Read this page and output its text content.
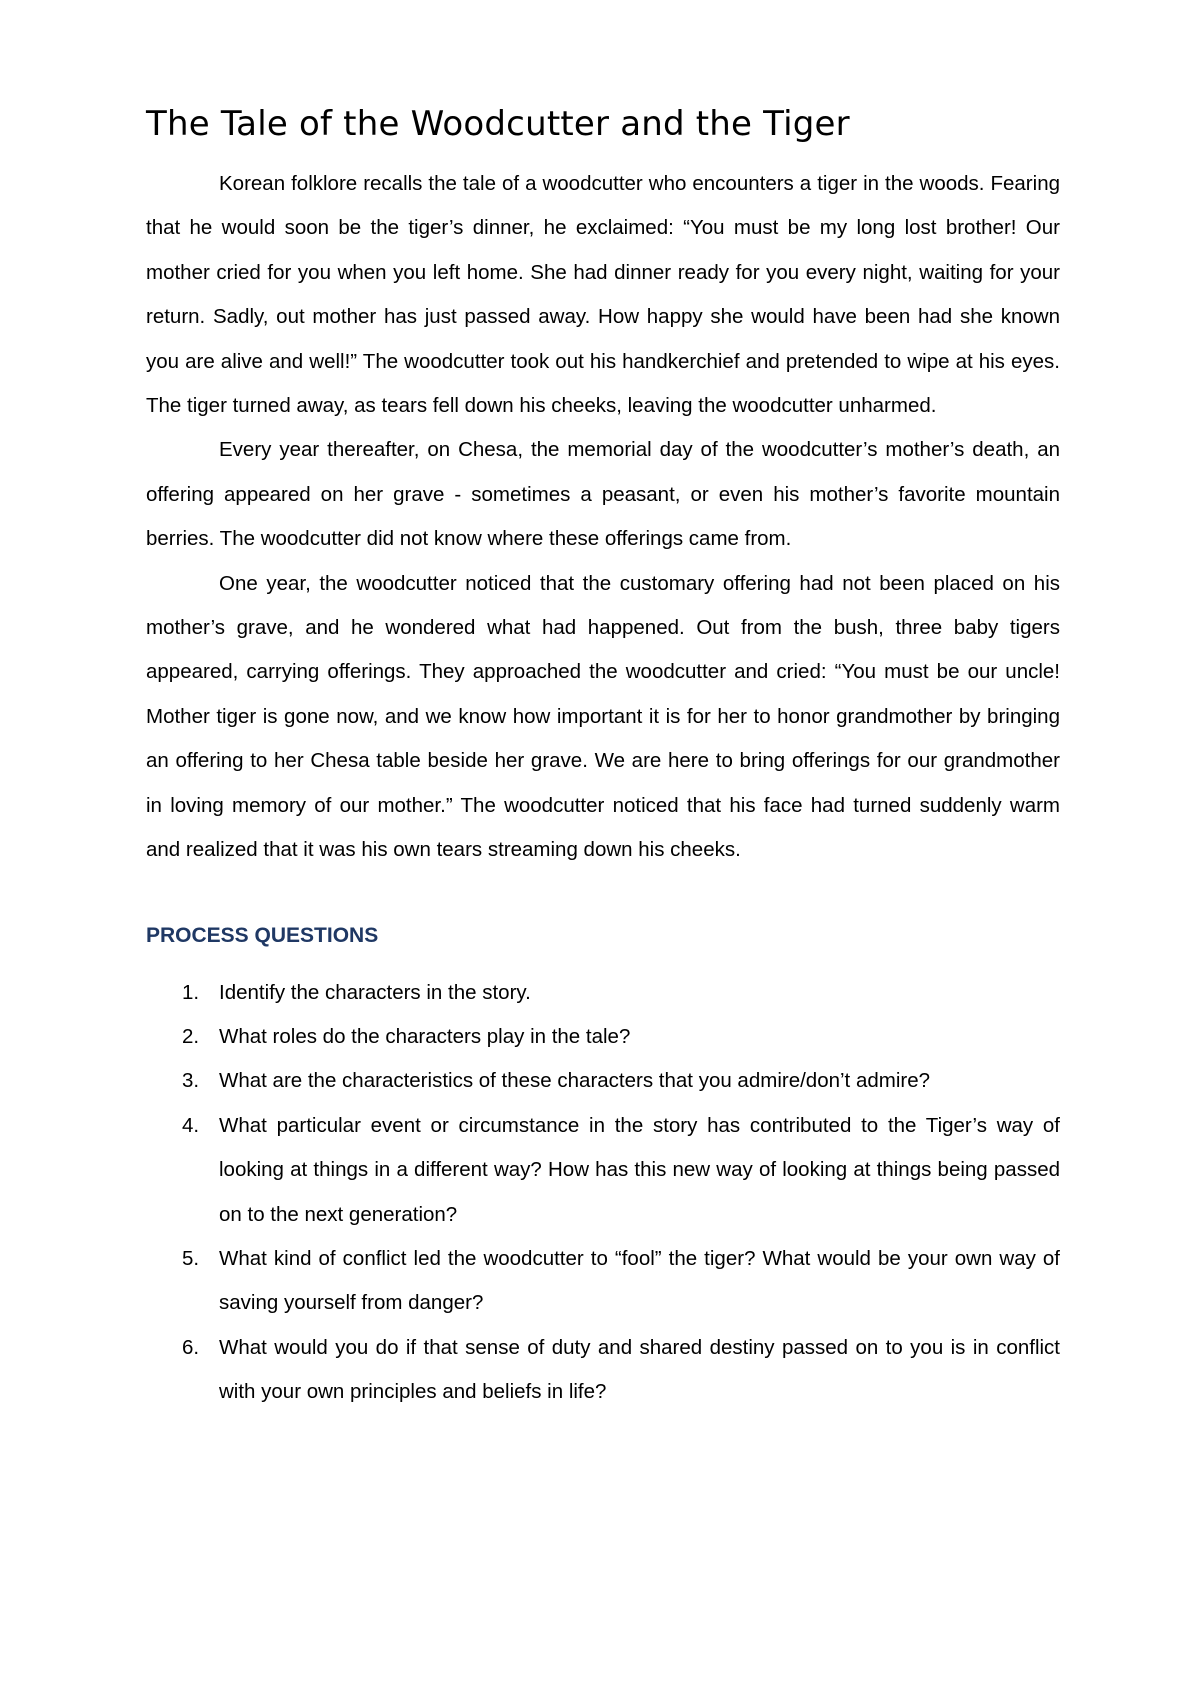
The Tale of the Woodcutter and the Tiger

Korean folklore recalls the tale of a woodcutter who encounters a tiger in the woods. Fearing that he would soon be the tiger’s dinner, he exclaimed: “You must be my long lost brother! Our mother cried for you when you left home. She had dinner ready for you every night, waiting for your return. Sadly, out mother has just passed away. How happy she would have been had she known you are alive and well!” The woodcutter took out his handkerchief and pretended to wipe at his eyes. The tiger turned away, as tears fell down his cheeks, leaving the woodcutter unharmed.

Every year thereafter, on Chesa, the memorial day of the woodcutter’s mother’s death, an offering appeared on her grave - sometimes a peasant, or even his mother’s favorite mountain berries. The woodcutter did not know where these offerings came from.

One year, the woodcutter noticed that the customary offering had not been placed on his mother’s grave, and he wondered what had happened. Out from the bush, three baby tigers appeared, carrying offerings. They approached the woodcutter and cried: “You must be our uncle! Mother tiger is gone now, and we know how important it is for her to honor grandmother by bringing an offering to her Chesa table beside her grave. We are here to bring offerings for our grandmother in loving memory of our mother.” The woodcutter noticed that his face had turned suddenly warm and realized that it was his own tears streaming down his cheeks.

PROCESS QUESTIONS
1. Identify the characters in the story.
2. What roles do the characters play in the tale?
3. What are the characteristics of these characters that you admire/don’t admire?
4. What particular event or circumstance in the story has contributed to the Tiger’s way of looking at things in a different way? How has this new way of looking at things being passed on to the next generation?
5. What kind of conflict led the woodcutter to “fool” the tiger? What would be your own way of saving yourself from danger?
6. What would you do if that sense of duty and shared destiny passed on to you is in conflict with your own principles and beliefs in life?
